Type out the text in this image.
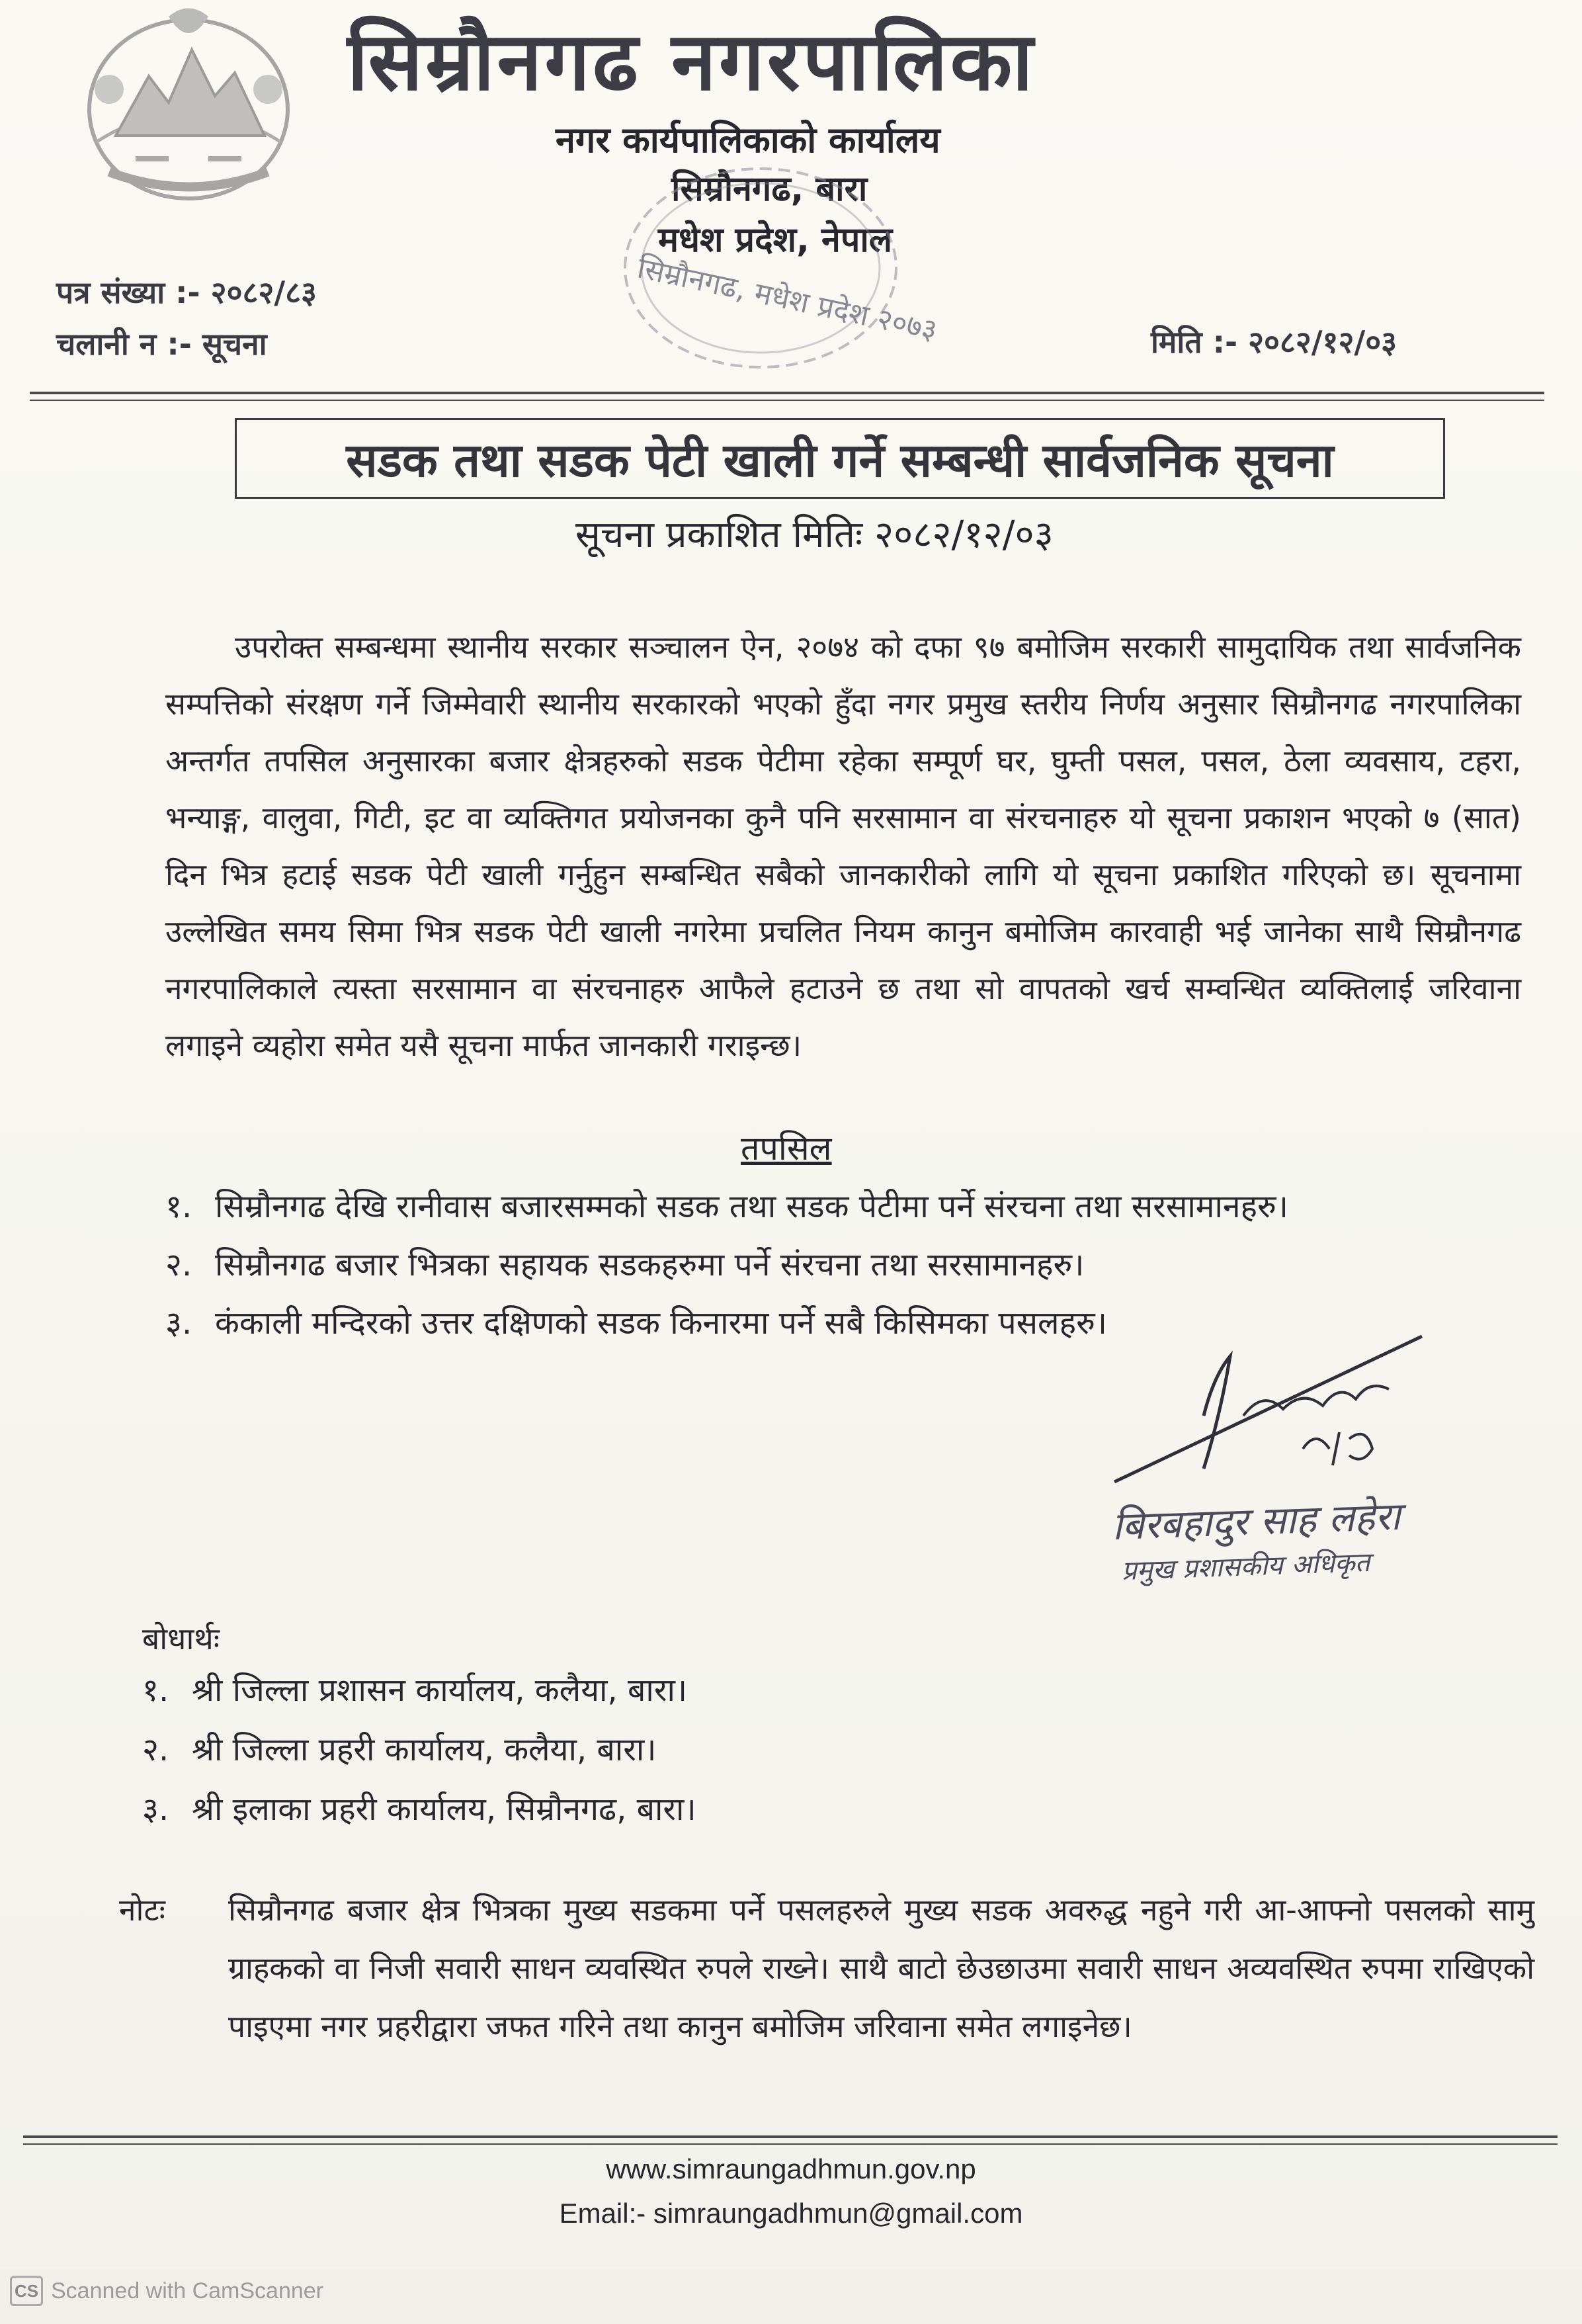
सिम्रौनगढ नगरपालिका
नगर कार्यपालिकाको कार्यालय
सिम्रौनगढ, बारा
मधेश प्रदेश, नेपाल
सिम्रौनगढ, मधेश प्रदेश २०७३
पत्र संख्या :- २०८२/८३
चलानी न :- सूचना	मिति :- २०८२/१२/०३
सडक तथा सडक पेटी खाली गर्ने सम्बन्धी सार्वजनिक सूचना
सूचना प्रकाशित मितिः २०८२/१२/०३
उपरोक्त सम्बन्धमा स्थानीय सरकार सञ्चालन ऐन, २०७४ को दफा ९७ बमोजिम सरकारी सामुदायिक तथा सार्वजनिक सम्पत्तिको संरक्षण गर्ने जिम्मेवारी स्थानीय सरकारको भएको हुँदा नगर प्रमुख स्तरीय निर्णय अनुसार सिम्रौनगढ नगरपालिका अन्तर्गत तपसिल अनुसारका बजार क्षेत्रहरुको सडक पेटीमा रहेका सम्पूर्ण घर, घुम्ती पसल, पसल, ठेला व्यवसाय, टहरा, भन्याङ्ग, वालुवा, गिटी, इट वा व्यक्तिगत प्रयोजनका कुनै पनि सरसामान वा संरचनाहरु यो सूचना प्रकाशन भएको ७ (सात) दिन भित्र हटाई सडक पेटी खाली गर्नुहुन सम्बन्धित सबैको जानकारीको लागि यो सूचना प्रकाशित गरिएको छ। सूचनामा उल्लेखित समय सिमा भित्र सडक पेटी खाली नगरेमा प्रचलित नियम कानुन बमोजिम कारवाही भई जानेका साथै सिम्रौनगढ नगरपालिकाले त्यस्ता सरसामान वा संरचनाहरु आफैले हटाउने छ तथा सो वापतको खर्च सम्वन्धित व्यक्तिलाई जरिवाना लगाइने व्यहोरा समेत यसै सूचना मार्फत जानकारी गराइन्छ।
तपसिल
१. सिम्रौनगढ देखि रानीवास बजारसम्मको सडक तथा सडक पेटीमा पर्ने संरचना तथा सरसामानहरु।
२. सिम्रौनगढ बजार भित्रका सहायक सडकहरुमा पर्ने संरचना तथा सरसामानहरु।
३. कंकाली मन्दिरको उत्तर दक्षिणको सडक किनारमा पर्ने सबै किसिमका पसलहरु।
बिरबहादुर साह लहेरा
प्रमुख प्रशासकीय अधिकृत
बोधार्थः
१. श्री जिल्ला प्रशासन कार्यालय, कलैया, बारा।
२. श्री जिल्ला प्रहरी कार्यालय, कलैया, बारा।
३. श्री इलाका प्रहरी कार्यालय, सिम्रौनगढ, बारा।
नोटः सिम्रौनगढ बजार क्षेत्र भित्रका मुख्य सडकमा पर्ने पसलहरुले मुख्य सडक अवरुद्ध नहुने गरी आ-आफ्नो पसलको सामु ग्राहकको वा निजी सवारी साधन व्यवस्थित रुपले राख्ने। साथै बाटो छेउछाउमा सवारी साधन अव्यवस्थित रुपमा राखिएको पाइएमा नगर प्रहरीद्वारा जफत गरिने तथा कानुन बमोजिम जरिवाना समेत लगाइनेछ।
www.simraungadhmun.gov.np
Email:- simraungadhmun@gmail.com
CS Scanned with CamScanner
